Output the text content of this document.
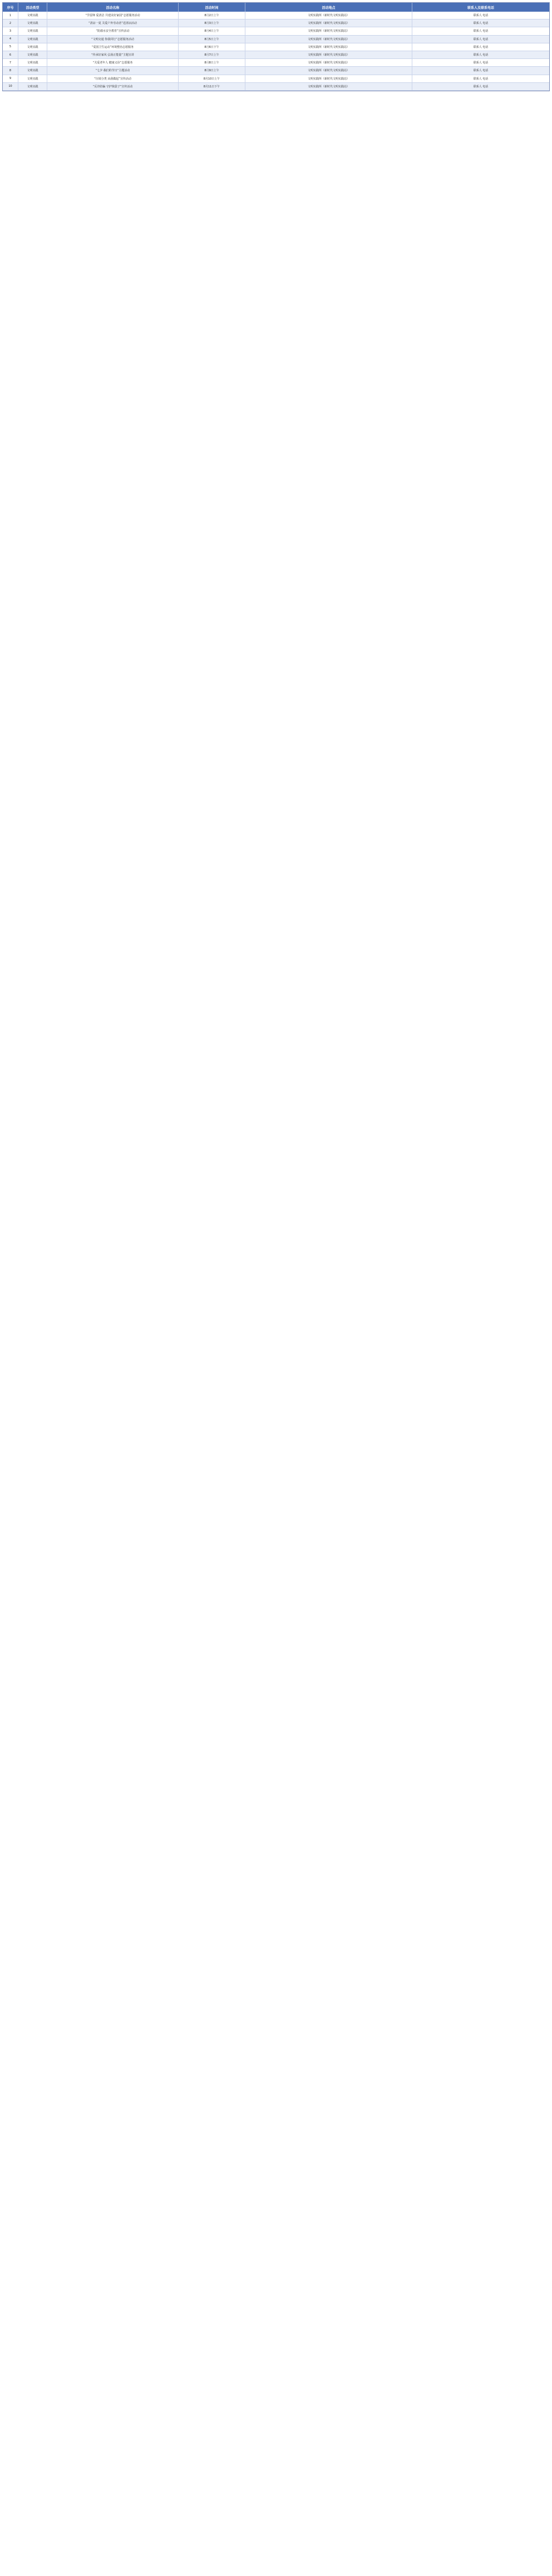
序号	活动类型	活动名称	活动时间	活动地点	联系人及联系电话
1	文明实践	“学雷锋 爱清洁 共建美好家园”志愿服务活动	8月2日上午	文明实践所（新时代文明实践站）	联系人 电话
2	文明实践	“清凉一夏 关爱户外劳动者”送清凉活动	8月3日上午	文明实践所（新时代文明实践站）	联系人 电话
3	文明实践	“防溺水安全教育”宣传活动	8月4日上午	文明实践所（新时代文明实践站）	联系人 电话
4	文明实践	“文明交通 你我同行”志愿服务活动	8月5日上午	文明实践所（新时代文明实践站）	联系人 电话
5	文明实践	“爱国卫生运动”环境整治志愿服务	8月6日下午	文明实践所（新时代文明实践站）	联系人 电话
6	文明实践	“传承好家风 弘扬正能量”主题宣讲	8月7日上午	文明实践所（新时代文明实践站）	联系人 电话
7	文明实践	“关爱老年人 健康义诊”志愿服务	8月8日上午	文明实践所（新时代文明实践站）	联系人 电话
8	文明实践	“七夕·我们的节日”主题活动	8月9日上午	文明实践所（新时代文明实践站）	联系人 电话
9	文明实践	“垃圾分类 从我做起”宣传活动	8月10日上午	文明实践所（新时代文明实践站）	联系人 电话
10	文明实践	“反诈防骗 守护钱袋子”宣传活动	8月11日下午	文明实践所（新时代文明实践站）	联系人 电话
